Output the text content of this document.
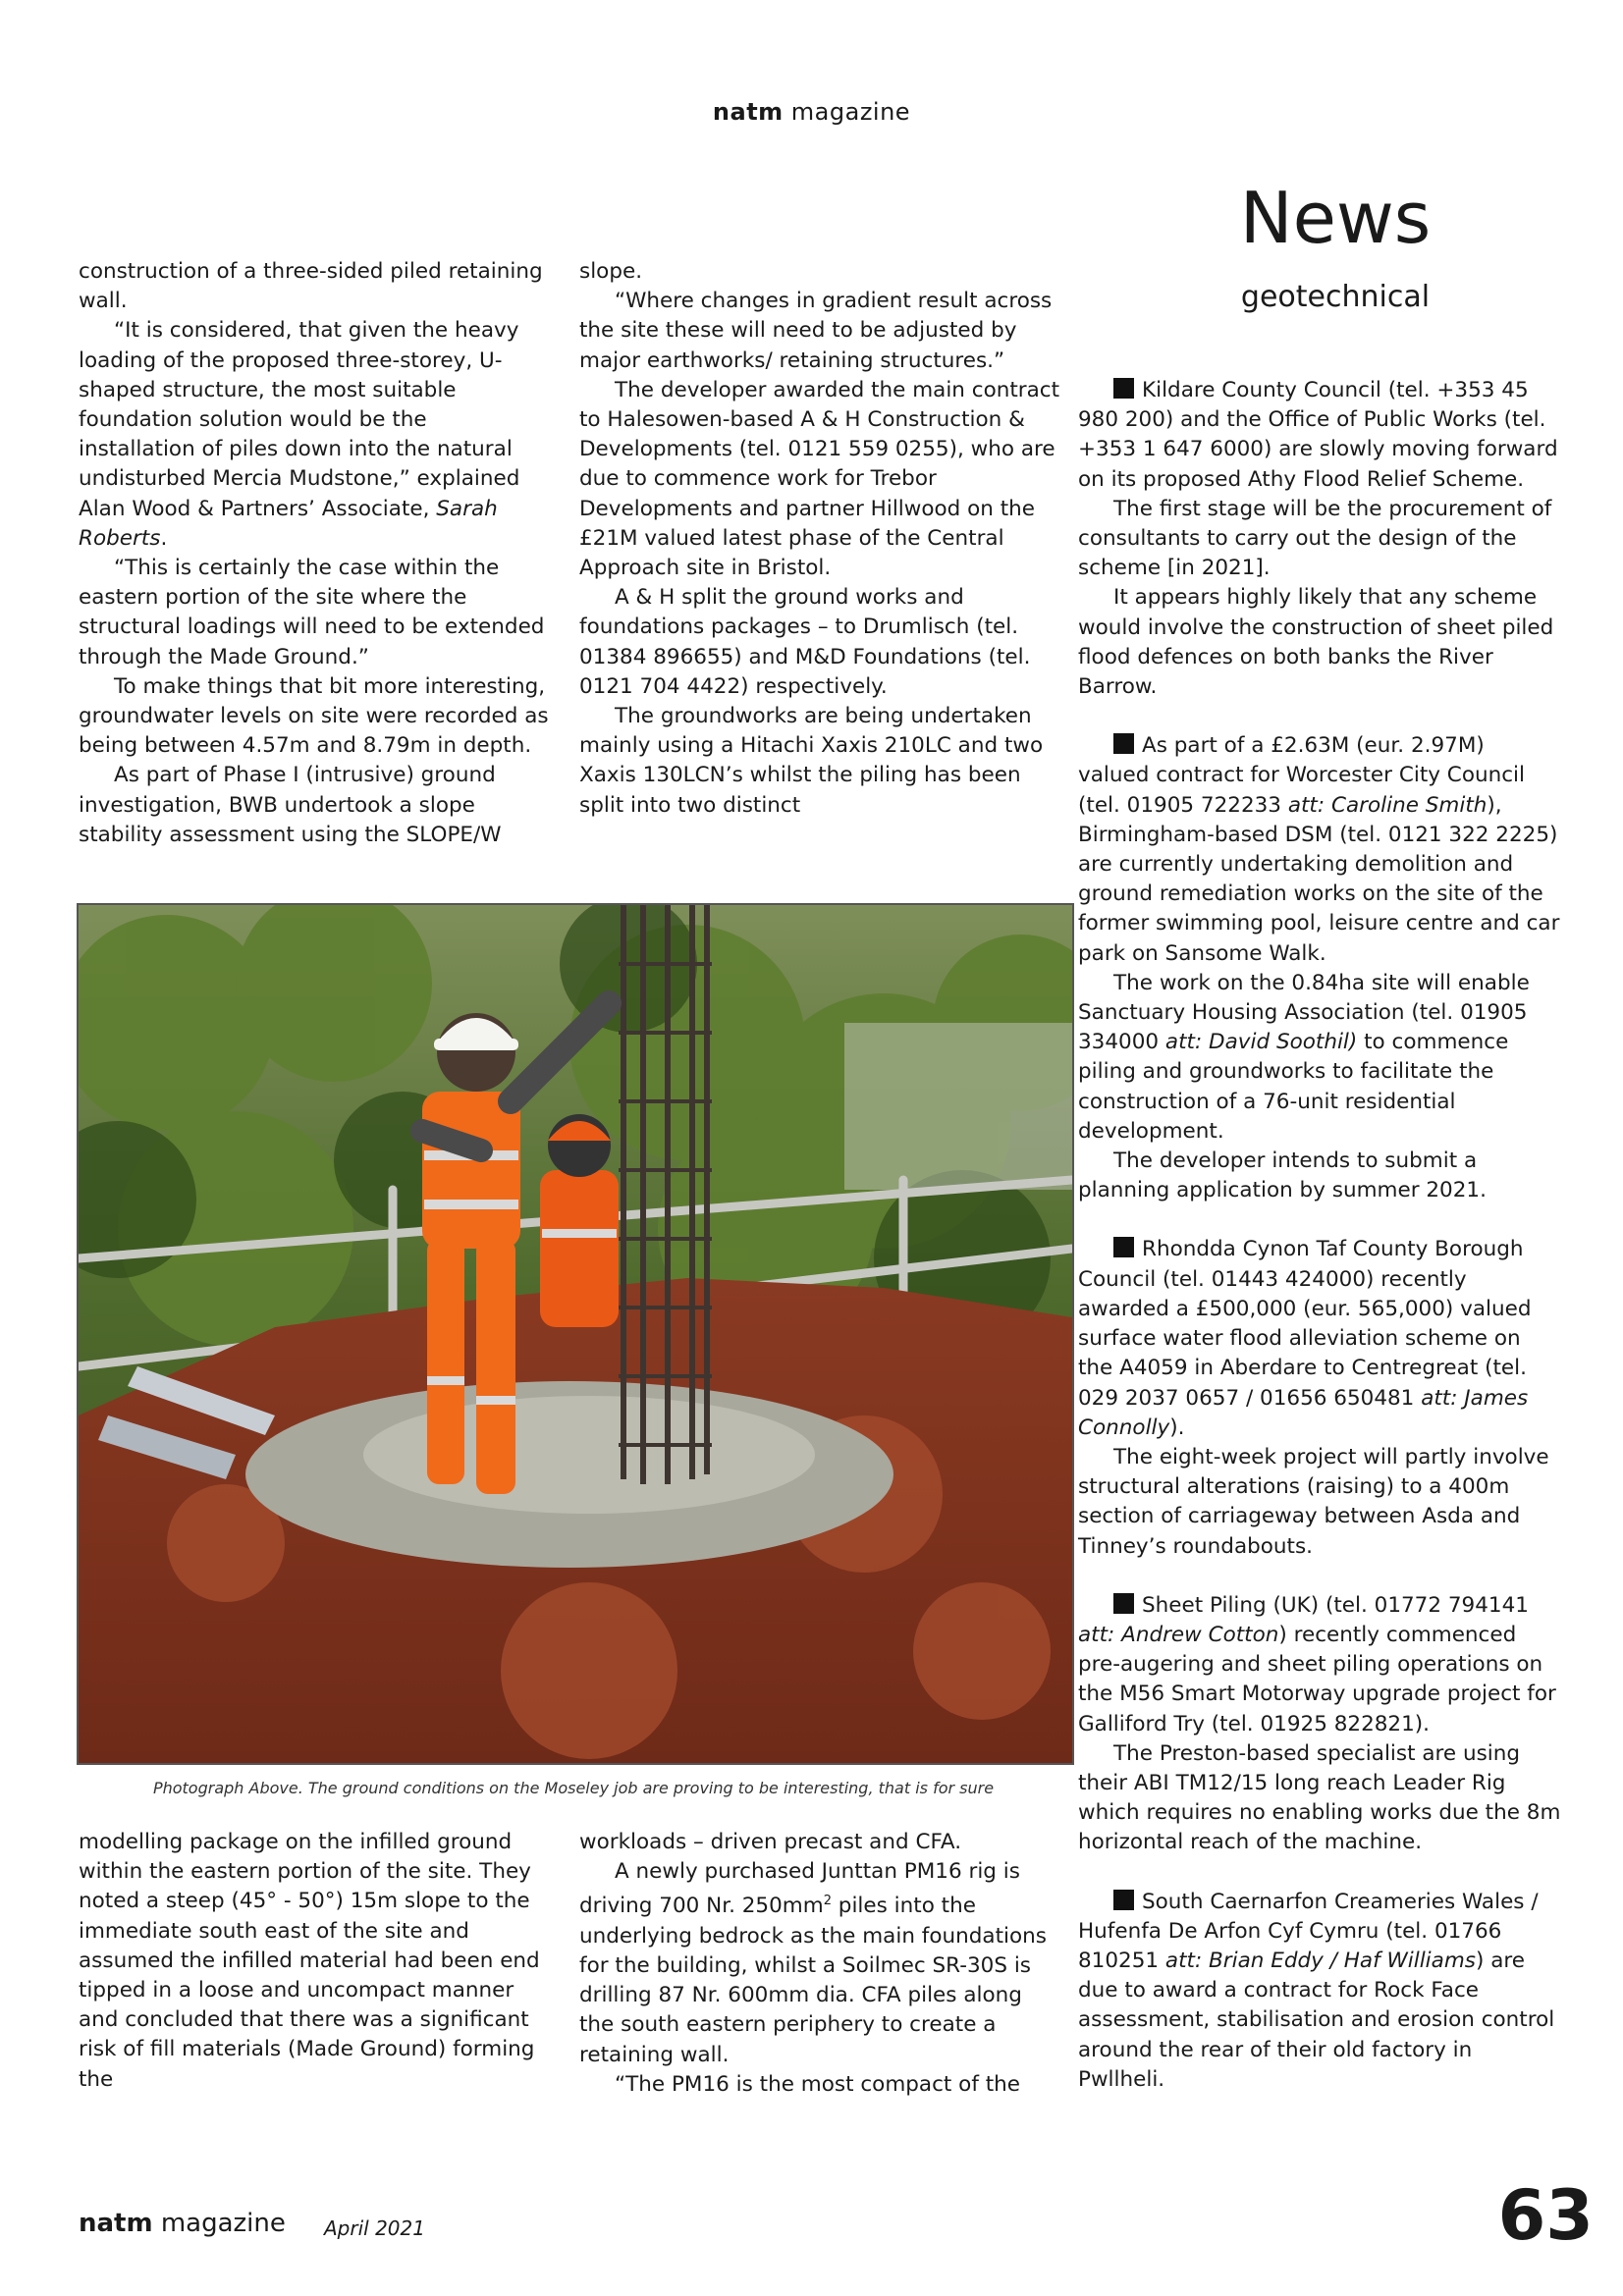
natm magazine
News
geotechnical

construction of a three-sided piled retaining wall.

“It is considered, that given the heavy loading of the proposed three-storey, U-shaped structure, the most suitable foundation solution would be the installation of piles down into the natural undisturbed Mercia Mudstone,” explained Alan Wood & Partners’ Associate, Sarah Roberts.

“This is certainly the case within the eastern portion of the site where the structural loadings will need to be extended through the Made Ground.”

To make things that bit more interesting, groundwater levels on site were recorded as being between 4.57m and 8.79m in depth.

As part of Phase I (intrusive) ground investigation, BWB undertook a slope stability assessment using the SLOPE/W

slope.

“Where changes in gradient result across the site these will need to be adjusted by major earthworks/ retaining structures.”

The developer awarded the main contract to Halesowen-based A & H Construction & Developments (tel. 0121 559 0255), who are due to commence work for Trebor Developments and partner Hillwood on the £21M valued latest phase of the Central Approach site in Bristol.

A & H split the ground works and foundations packages – to Drumlisch (tel. 01384 896655) and M&D Foundations (tel. 0121 704 4422) respectively.

The groundworks are being undertaken mainly using a Hitachi Xaxis 210LC and two Xaxis 130LCN’s whilst the piling has been split into two distinct

Kildare County Council (tel. +353 45 980 200) and the Office of Public Works (tel. +353 1 647 6000) are slowly moving forward on its proposed Athy Flood Relief Scheme.

The first stage will be the procurement of consultants to carry out the design of the scheme [in 2021].

It appears highly likely that any scheme would involve the construction of sheet piled flood defences on both banks the River Barrow.

As part of a £2.63M (eur. 2.97M) valued contract for Worcester City Council (tel. 01905 722233 att: Caroline Smith), Birmingham-based DSM (tel. 0121 322 2225) are currently undertaking demolition and ground remediation works on the site of the former swimming pool, leisure centre and car park on Sansome Walk.

The work on the 0.84ha site will enable Sanctuary Housing Association (tel. 01905 334000 att: David Soothil) to commence piling and groundworks to facilitate the construction of a 76-unit residential development.

The developer intends to submit a planning application by summer 2021.

Rhondda Cynon Taf County Borough Council (tel. 01443 424000) recently awarded a £500,000 (eur. 565,000) valued surface water flood alleviation scheme on the A4059 in Aberdare to Centregreat (tel. 029 2037 0657 / 01656 650481 att: James Connolly).

The eight-week project will partly involve structural alterations (raising) to a 400m section of carriageway between Asda and Tinney’s roundabouts.

Sheet Piling (UK) (tel. 01772 794141 att: Andrew Cotton) recently commenced pre-augering and sheet piling operations on the M56 Smart Motorway upgrade project for Galliford Try (tel. 01925 822821).

The Preston-based specialist are using their ABI TM12/15 long reach Leader Rig which requires no enabling works due the 8m horizontal reach of the machine.

South Caernarfon Creameries Wales / Hufenfa De Arfon Cyf Cymru (tel. 01766 810251 att: Brian Eddy / Haf Williams) are due to award a contract for Rock Face assessment, stabilisation and erosion control around the rear of their old factory in Pwllheli.

Photograph Above. The ground conditions on the Moseley job are proving to be interesting, that is for sure

modelling package on the infilled ground within the eastern portion of the site. They noted a steep (45° - 50°) 15m slope to the immediate south east of the site and assumed the infilled material had been end tipped in a loose and uncompact manner and concluded that there was a significant risk of fill materials (Made Ground) forming the

workloads – driven precast and CFA.

A newly purchased Junttan PM16 rig is driving 700 Nr. $250mm^2$ piles into the underlying bedrock as the main foundations for the building, whilst a Soilmec SR-30S is drilling 87 Nr. 600mm dia. CFA piles along the south eastern periphery to create a retaining wall.

“The PM16 is the most compact of the

natm magazine April 2021	63
